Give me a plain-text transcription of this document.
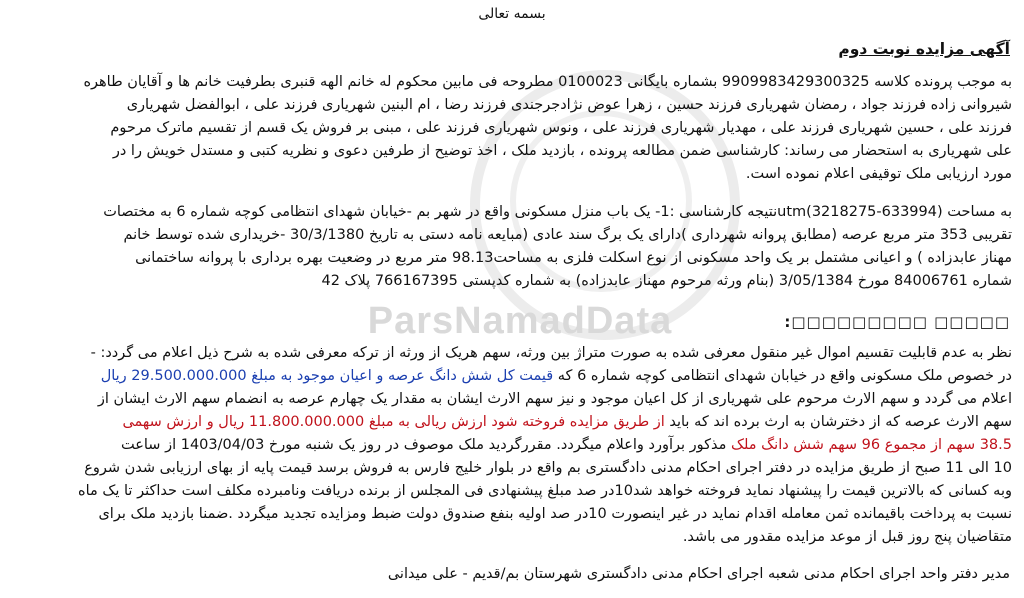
ParsNamadData
بسمه تعالی
آگهی مزایده نوبت دوم
به موجب پرونده کلاسه 9909983429300325 بشماره بایگانی 0100023 مطروحه فی مابین محکوم له خانم الهه قنبری بطرفیت خانم ها و آقایان طاهره
شیروانی زاده فرزند جواد ، رمضان شهریاری فرزند حسین ، زهرا عوض نژادجرجندی فرزند رضا ، ام البنین شهریاری فرزند علی ، ابوالفضل شهریاری
فرزند علی ، حسین شهریاری فرزند علی ، مهدیار شهریاری فرزند علی ، ونوس شهریاری فرزند علی ، مبنی بر فروش یک قسم از تقسیم ماترک مرحوم
علی شهریاری به استحضار می رساند: کارشناسی ضمن مطالعه پرونده ، بازدید ملک ، اخذ توضیح از طرفین دعوی و نظریه کتبی و مستدل خویش را در
مورد ارزیابی ملک توقیفی اعلام نموده است.
به مساحت (633994-3218275)utmنتیجه کارشناسی :1- یک باب منزل مسکونی واقع در شهر بم -خیابان شهدای انتظامی کوچه شماره 6 به مختصات
تقریبی 353 متر مربع عرصه (مطابق پروانه شهرداری )دارای یک برگ سند عادی (مبایعه نامه دستی به تاریخ 30/3/1380 -خریداری شده توسط خانم
مهناز عابدزاده ) و اعیانی مشتمل بر یک واحد مسکونی از نوع اسکلت فلزی به مساحت98.13 متر مربع در وضعیت بهره برداری با پروانه ساختمانی
شماره 84006761 مورخ 3/05/1384 (بنام ورثه مرحوم مهناز عابدزاده) به شماره کدپستی 766167395 پلاک 42
□□□□□ □□□□□□□□□:
نظر به عدم قابلیت تقسیم اموال غیر منقول معرفی شده به صورت متراژ بین ورثه، سهم هریک از ورثه از ترکه معرفی شده به شرح ذیل اعلام می گردد: -
در خصوص ملک مسکونی واقع در خیابان شهدای انتظامی کوچه شماره 6 که قیمت کل شش دانگ عرصه و اعیان موجود به مبلغ 29.500.000.000 ریال
اعلام می گردد و سهم الارث مرحوم علی شهریاری از کل اعیان موجود و نیز سهم الارث ایشان به مقدار یک چهارم عرصه به انضمام سهم الارث ایشان از
سهم الارث عرصه که از دخترشان به ارث برده اند که باید از طریق مزایده فروخته شود ارزش ریالی به مبلغ 11.800.000.000 ریال و ارزش سهمی
38.5 سهم از مجموع 96 سهم شش دانگ ملک مذکور برآورد واعلام میگردد. مقررگردید ملک موصوف در روز یک شنبه مورخ 1403/04/03 از ساعت
10 الی 11 صبح از طریق مزایده در دفتر اجرای احکام مدنی دادگستری بم واقع در بلوار خلیج فارس به فروش برسد قیمت پایه از بهای ارزیابی شدن شروع
وبه کسانی که بالاترین قیمت را پیشنهاد نماید فروخته خواهد شد10در صد مبلغ پیشنهادی فی المجلس از برنده دریافت ونامبرده مکلف است حداکثر تا یک ماه
نسبت به پرداخت باقیمانده ثمن معامله اقدام نماید در غیر اینصورت 10در صد اولیه بنفع صندوق دولت ضبط ومزایده تجدید میگردد .ضمنا بازدید ملک برای
متقاضیان پنج روز قبل از موعد مزایده مقدور می باشد.
مدیر دفتر واحد اجرای احکام مدنی شعبه اجرای احکام مدنی دادگستری شهرستان بم/قدیم - علی میدانی
